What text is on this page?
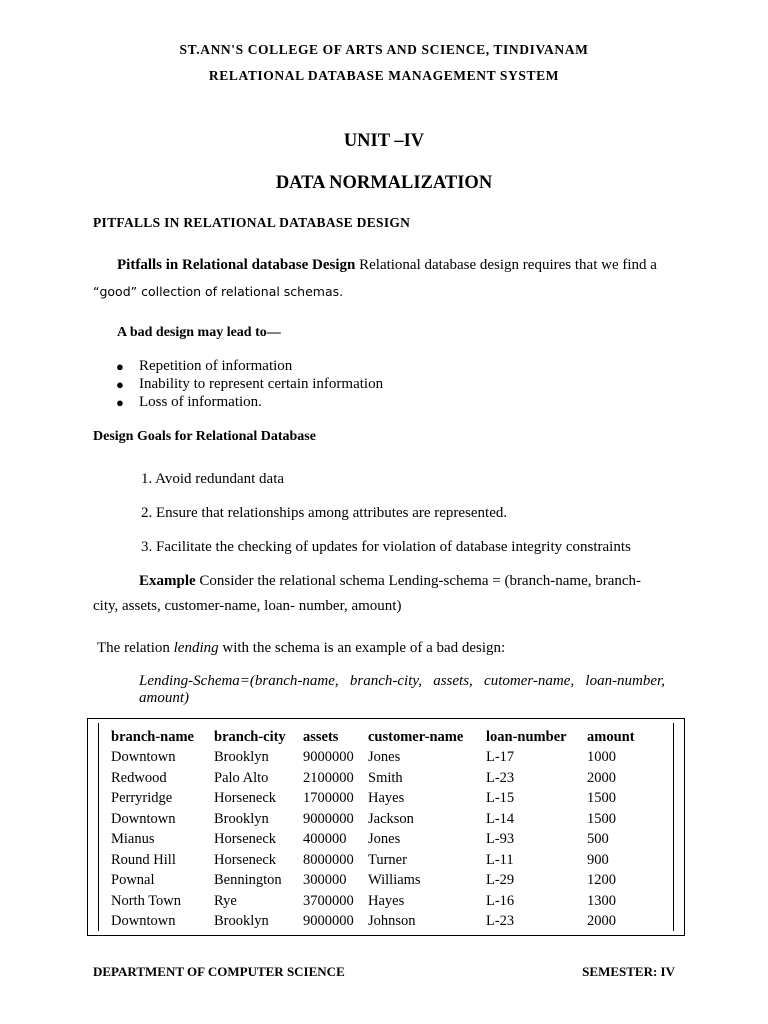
ST.ANN'S COLLEGE OF ARTS AND SCIENCE, TINDIVANAM
RELATIONAL DATABASE MANAGEMENT SYSTEM
UNIT –IV
DATA NORMALIZATION
PITFALLS IN RELATIONAL DATABASE DESIGN
Pitfalls in Relational database Design Relational database design requires that we find a
“good” collection of relational schemas.
A bad design may lead to—
● Repetition of information
● Inability to represent certain information
● Loss of information.
Design Goals for Relational Database
1. Avoid redundant data
2. Ensure that relationships among attributes are represented.
3. Facilitate the checking of updates for violation of database integrity constraints
Example Consider the relational schema Lending-schema = (branch-name, branch-
city, assets, customer-name, loan- number, amount)
The relation lending with the schema is an example of a bad design:
Lending-Schema=(branch-name,   branch-city,   assets,   cutomer-name,   loan-number,
amount)
branch-name	branch-city	assets	customer-name	loan-number	amount
Downtown	Brooklyn	9000000	Jones	L-17	1000
Redwood	Palo Alto	2100000	Smith	L-23	2000
Perryridge	Horseneck	1700000	Hayes	L-15	1500
Downtown	Brooklyn	9000000	Jackson	L-14	1500
Mianus	Horseneck	400000	Jones	L-93	500
Round Hill	Horseneck	8000000	Turner	L-11	900
Pownal	Bennington	300000	Williams	L-29	1200
North Town	Rye	3700000	Hayes	L-16	1300
Downtown	Brooklyn	9000000	Johnson	L-23	2000
DEPARTMENT OF COMPUTER SCIENCE	SEMESTER: IV
